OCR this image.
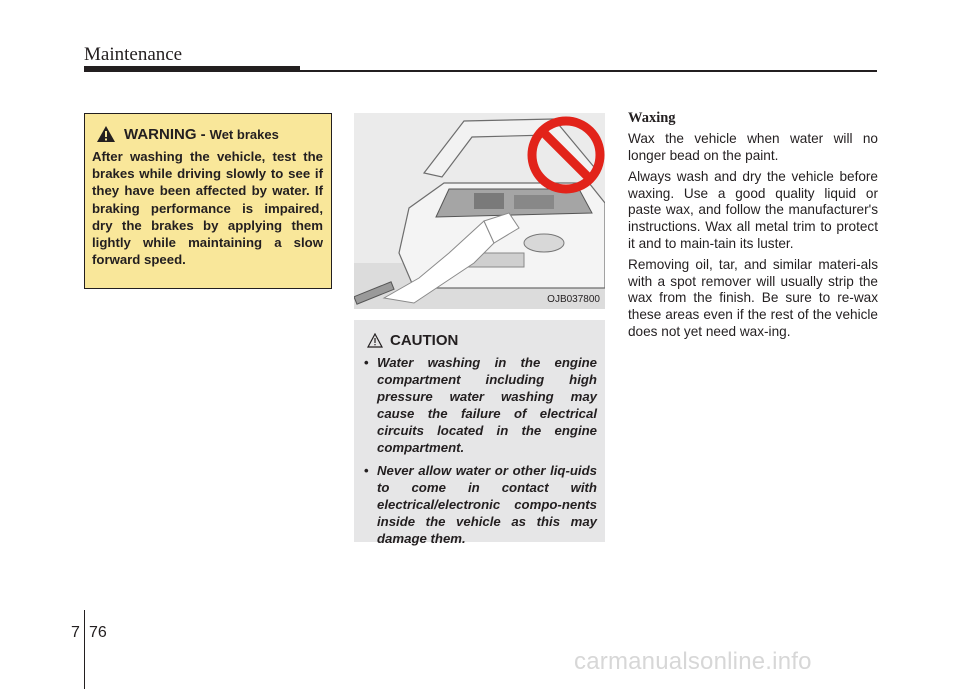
Maintenance
WARNING - Wet brakes
After washing the vehicle, test the brakes while driving slowly to see if they have been affected by water. If braking performance is impaired, dry the brakes by applying them lightly while maintaining a slow forward speed.
OJB037800
CAUTION
• Water washing in the engine compartment including high pressure water washing may cause the failure of electrical circuits located in the engine compartment.
• Never allow water or other liq-uids to come in contact with electrical/electronic compo-nents inside the vehicle as this may damage them.
Waxing

Wax the vehicle when water will no longer bead on the paint.

Always wash and dry the vehicle before waxing. Use a good quality liquid or paste wax, and follow the manufacturer's instructions. Wax all metal trim to protect it and to main-tain its luster.

Removing oil, tar, and similar materi-als with a spot remover will usually strip the wax from the finish. Be sure to re-wax these areas even if the rest of the vehicle does not yet need wax-ing.

7 76
carmanualsonline.info
